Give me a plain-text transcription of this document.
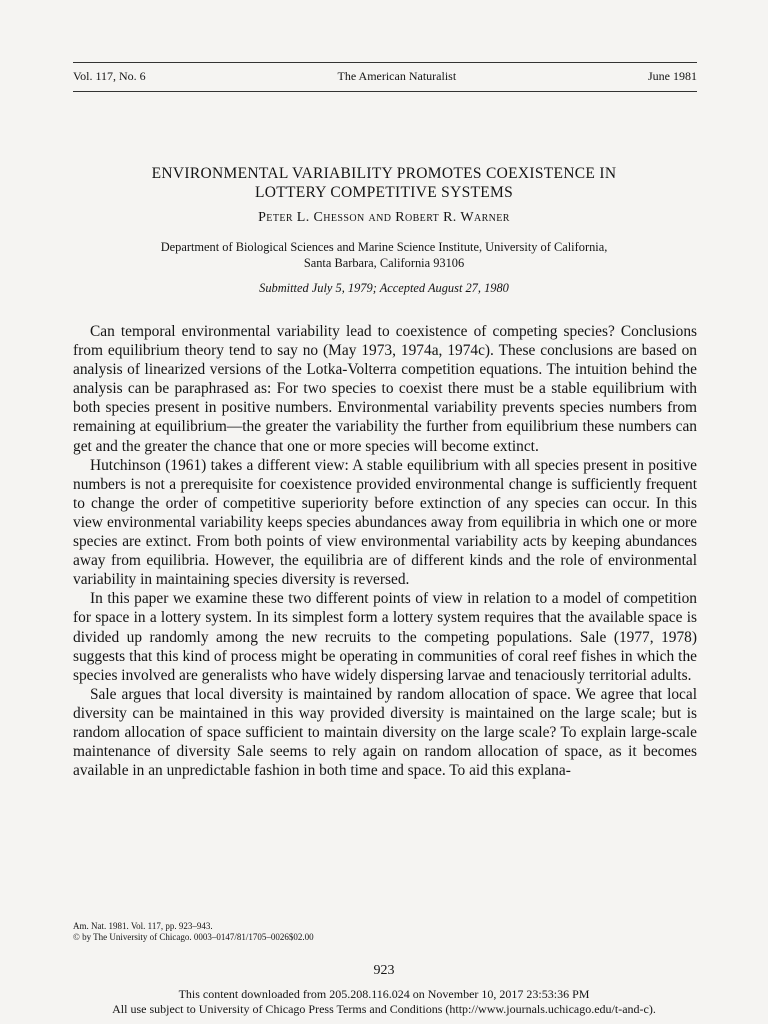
Vol. 117, No. 6	The American Naturalist	June 1981
ENVIRONMENTAL VARIABILITY PROMOTES COEXISTENCE IN
LOTTERY COMPETITIVE SYSTEMS
Peter L. Chesson and Robert R. Warner
Department of Biological Sciences and Marine Science Institute, University of California,
Santa Barbara, California 93106
Submitted July 5, 1979; Accepted August 27, 1980

Can temporal environmental variability lead to coexistence of competing species? Conclusions from equilibrium theory tend to say no (May 1973, 1974a, 1974c). These conclusions are based on analysis of linearized versions of the Lotka-Volterra competition equations. The intuition behind the analysis can be paraphrased as: For two species to coexist there must be a stable equilibrium with both species present in positive numbers. Environmental variability prevents species numbers from remaining at equilibrium—the greater the variability the further from equilibrium these numbers can get and the greater the chance that one or more species will become extinct.

Hutchinson (1961) takes a different view: A stable equilibrium with all species present in positive numbers is not a prerequisite for coexistence provided environmental change is sufficiently frequent to change the order of competitive superiority before extinction of any species can occur. In this view environmental variability keeps species abundances away from equilibria in which one or more species are extinct. From both points of view environmental variability acts by keeping abundances away from equilibria. However, the equilibria are of different kinds and the role of environmental variability in maintaining species diversity is reversed.

In this paper we examine these two different points of view in relation to a model of competition for space in a lottery system. In its simplest form a lottery system requires that the available space is divided up randomly among the new recruits to the competing populations. Sale (1977, 1978) suggests that this kind of process might be operating in communities of coral reef fishes in which the species involved are generalists who have widely dispersing larvae and tenaciously territorial adults.

Sale argues that local diversity is maintained by random allocation of space. We agree that local diversity can be maintained in this way provided diversity is maintained on the large scale; but is random allocation of space sufficient to maintain diversity on the large scale? To explain large-scale maintenance of diversity Sale seems to rely again on random allocation of space, as it becomes available in an unpredictable fashion in both time and space. To aid this explana-

Am. Nat. 1981. Vol. 117, pp. 923–943.
© by The University of Chicago. 0003–0147/81/1705–0026$02.00
923
This content downloaded from 205.208.116.024 on November 10, 2017 23:53:36 PM
All use subject to University of Chicago Press Terms and Conditions (http://www.journals.uchicago.edu/t-and-c).
